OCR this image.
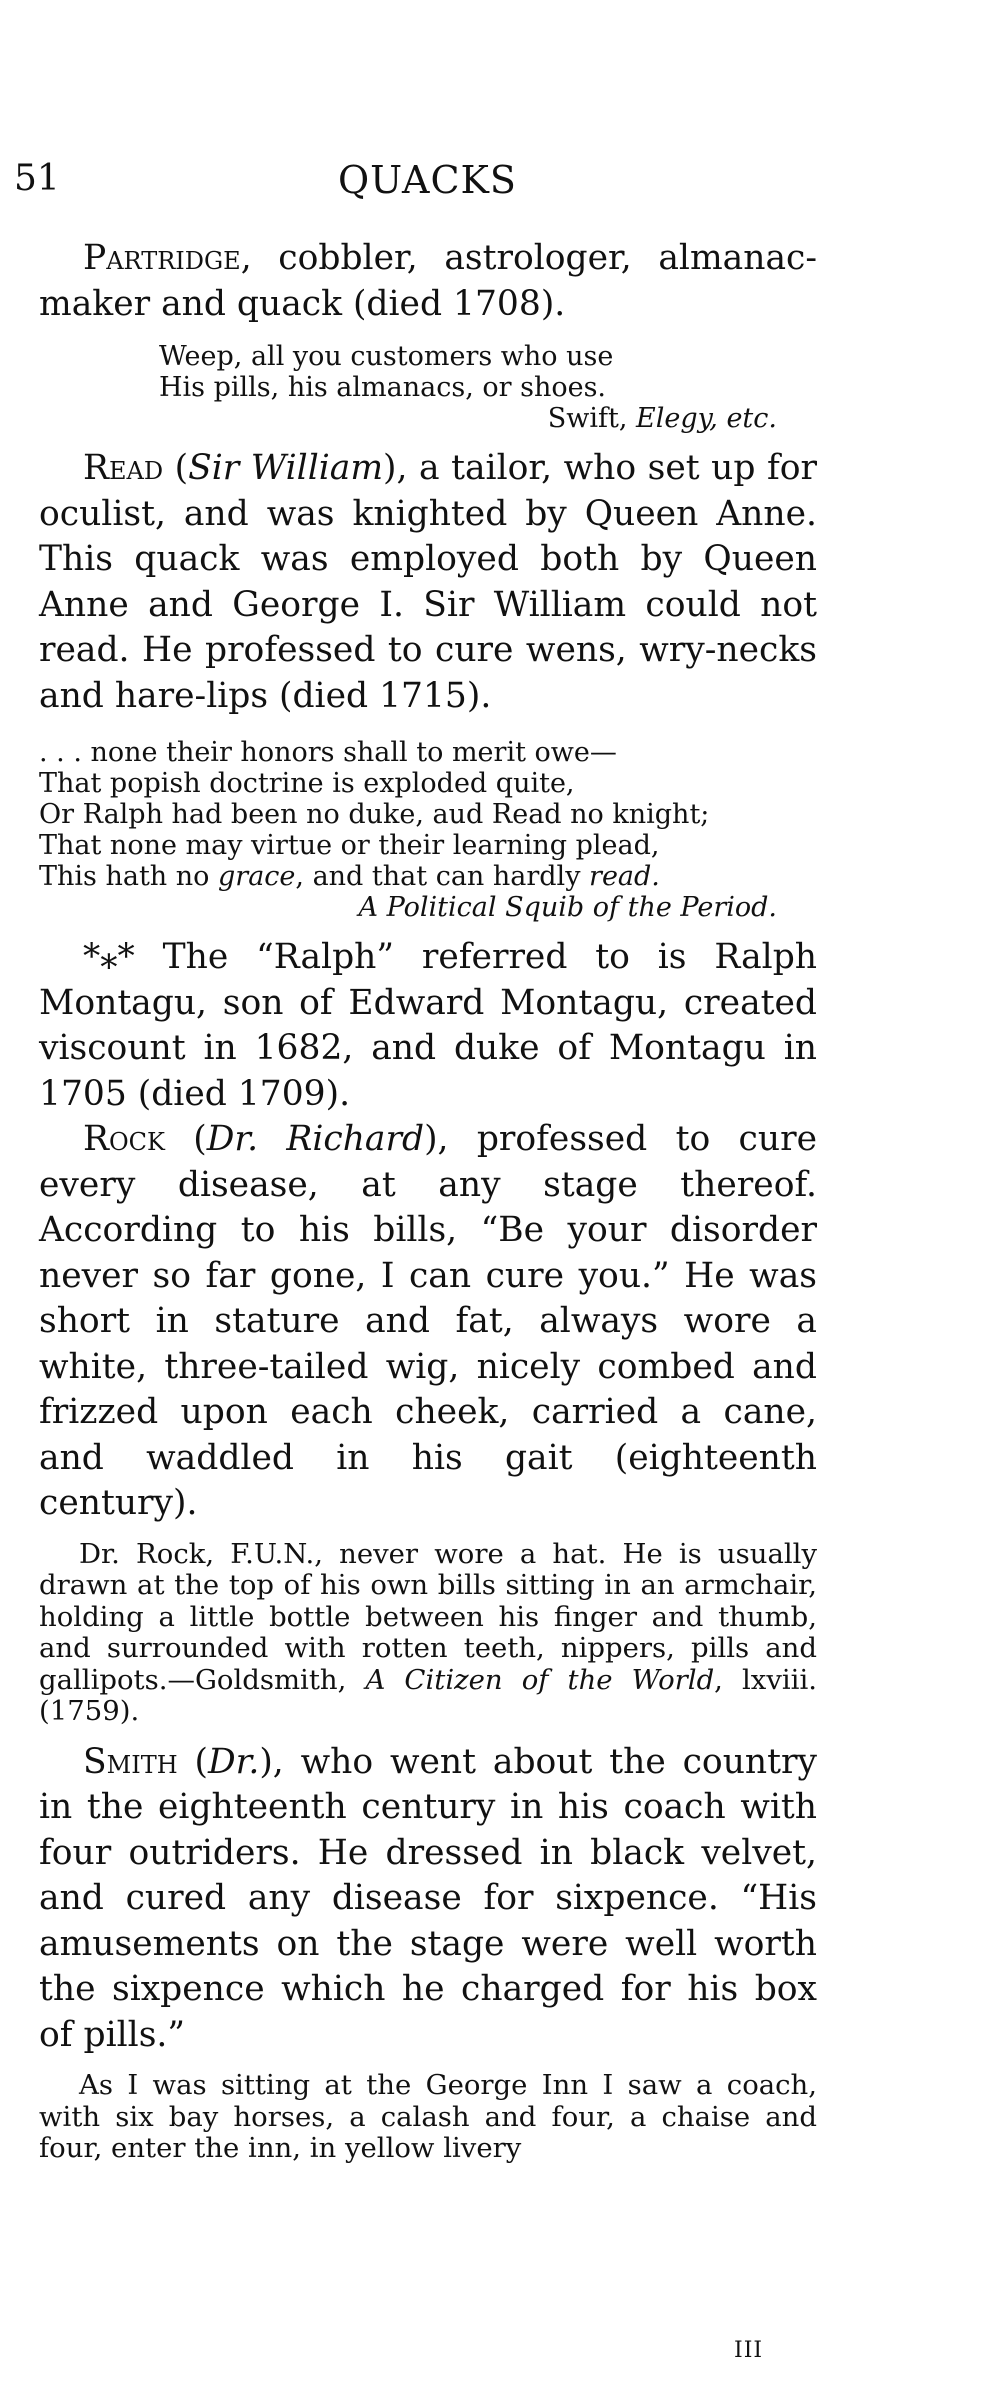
51	QUACKS

Partridge, cobbler, astrologer, almanac-maker and quack (died 1708).

Weep, all you customers who use
His pills, his almanacs, or shoes.
Swift, Elegy, etc.

Read (Sir William), a tailor, who set up for oculist, and was knighted by Queen Anne. This quack was employed both by Queen Anne and George I. Sir William could not read. He professed to cure wens, wry-necks and hare-lips (died 1715).

. . . none their honors shall to merit owe—
That popish doctrine is exploded quite,
Or Ralph had been no duke, aud Read no knight;
That none may virtue or their learning plead,
This hath no grace, and that can hardly read.
A Political Squib of the Period.

*⁎* The “Ralph” referred to is Ralph Montagu, son of Edward Montagu, created viscount in 1682, and duke of Montagu in 1705 (died 1709).

Rock (Dr. Richard), professed to cure every disease, at any stage thereof. According to his bills, “Be your disorder never so far gone, I can cure you.” He was short in stature and fat, always wore a white, three-tailed wig, nicely combed and frizzed upon each cheek, carried a cane, and waddled in his gait (eighteenth century).

Dr. Rock, F.U.N., never wore a hat. He is usually drawn at the top of his own bills sitting in an armchair, holding a little bottle between his finger and thumb, and surrounded with rotten teeth, nippers, pills and gallipots.—Goldsmith, A Citizen of the World, lxviii. (1759).

Smith (Dr.), who went about the country in the eighteenth century in his coach with four outriders. He dressed in black velvet, and cured any disease for sixpence. “His amusements on the stage were well worth the sixpence which he charged for his box of pills.”

As I was sitting at the George Inn I saw a coach, with six bay horses, a calash and four, a chaise and four, enter the inn, in yellow livery

III
